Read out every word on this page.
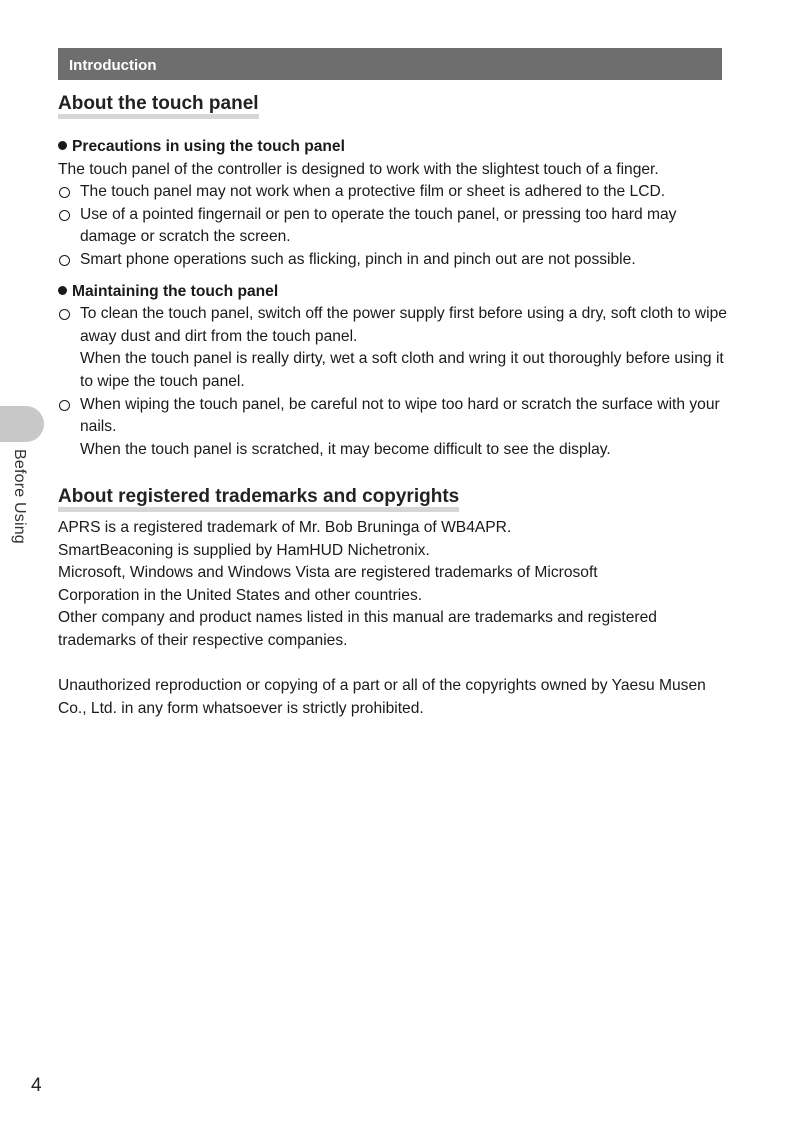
Introduction
About the touch panel
Precautions in using the touch panel

The touch panel of the controller is designed to work with the slightest touch of a finger.

The touch panel may not work when a protective film or sheet is adhered to the LCD.
Use of a pointed fingernail or pen to operate the touch panel, or pressing too hard may damage or scratch the screen.
Smart phone operations such as flicking, pinch in and pinch out are not possible.
Maintaining the touch panel
To clean the touch panel, switch off the power supply first before using a dry, soft cloth to wipe away dust and dirt from the touch panel.
When the touch panel is really dirty, wet a soft cloth and wring it out thoroughly before using it to wipe the touch panel.
When wiping the touch panel, be careful not to wipe too hard or scratch the surface with your nails.
When the touch panel is scratched, it may become difficult to see the display.
About registered trademarks and copyrights

APRS is a registered trademark of Mr. Bob Bruninga of WB4APR.

SmartBeaconing is supplied by HamHUD Nichetronix.

Microsoft, Windows and Windows Vista are registered trademarks of Microsoft Corporation in the United States and other countries.

Other company and product names listed in this manual are trademarks and registered trademarks of their respective companies.

Unauthorized reproduction or copying of a part or all of the copyrights owned by Yaesu Musen Co., Ltd. in any form whatsoever is strictly prohibited.

Before Using
4
